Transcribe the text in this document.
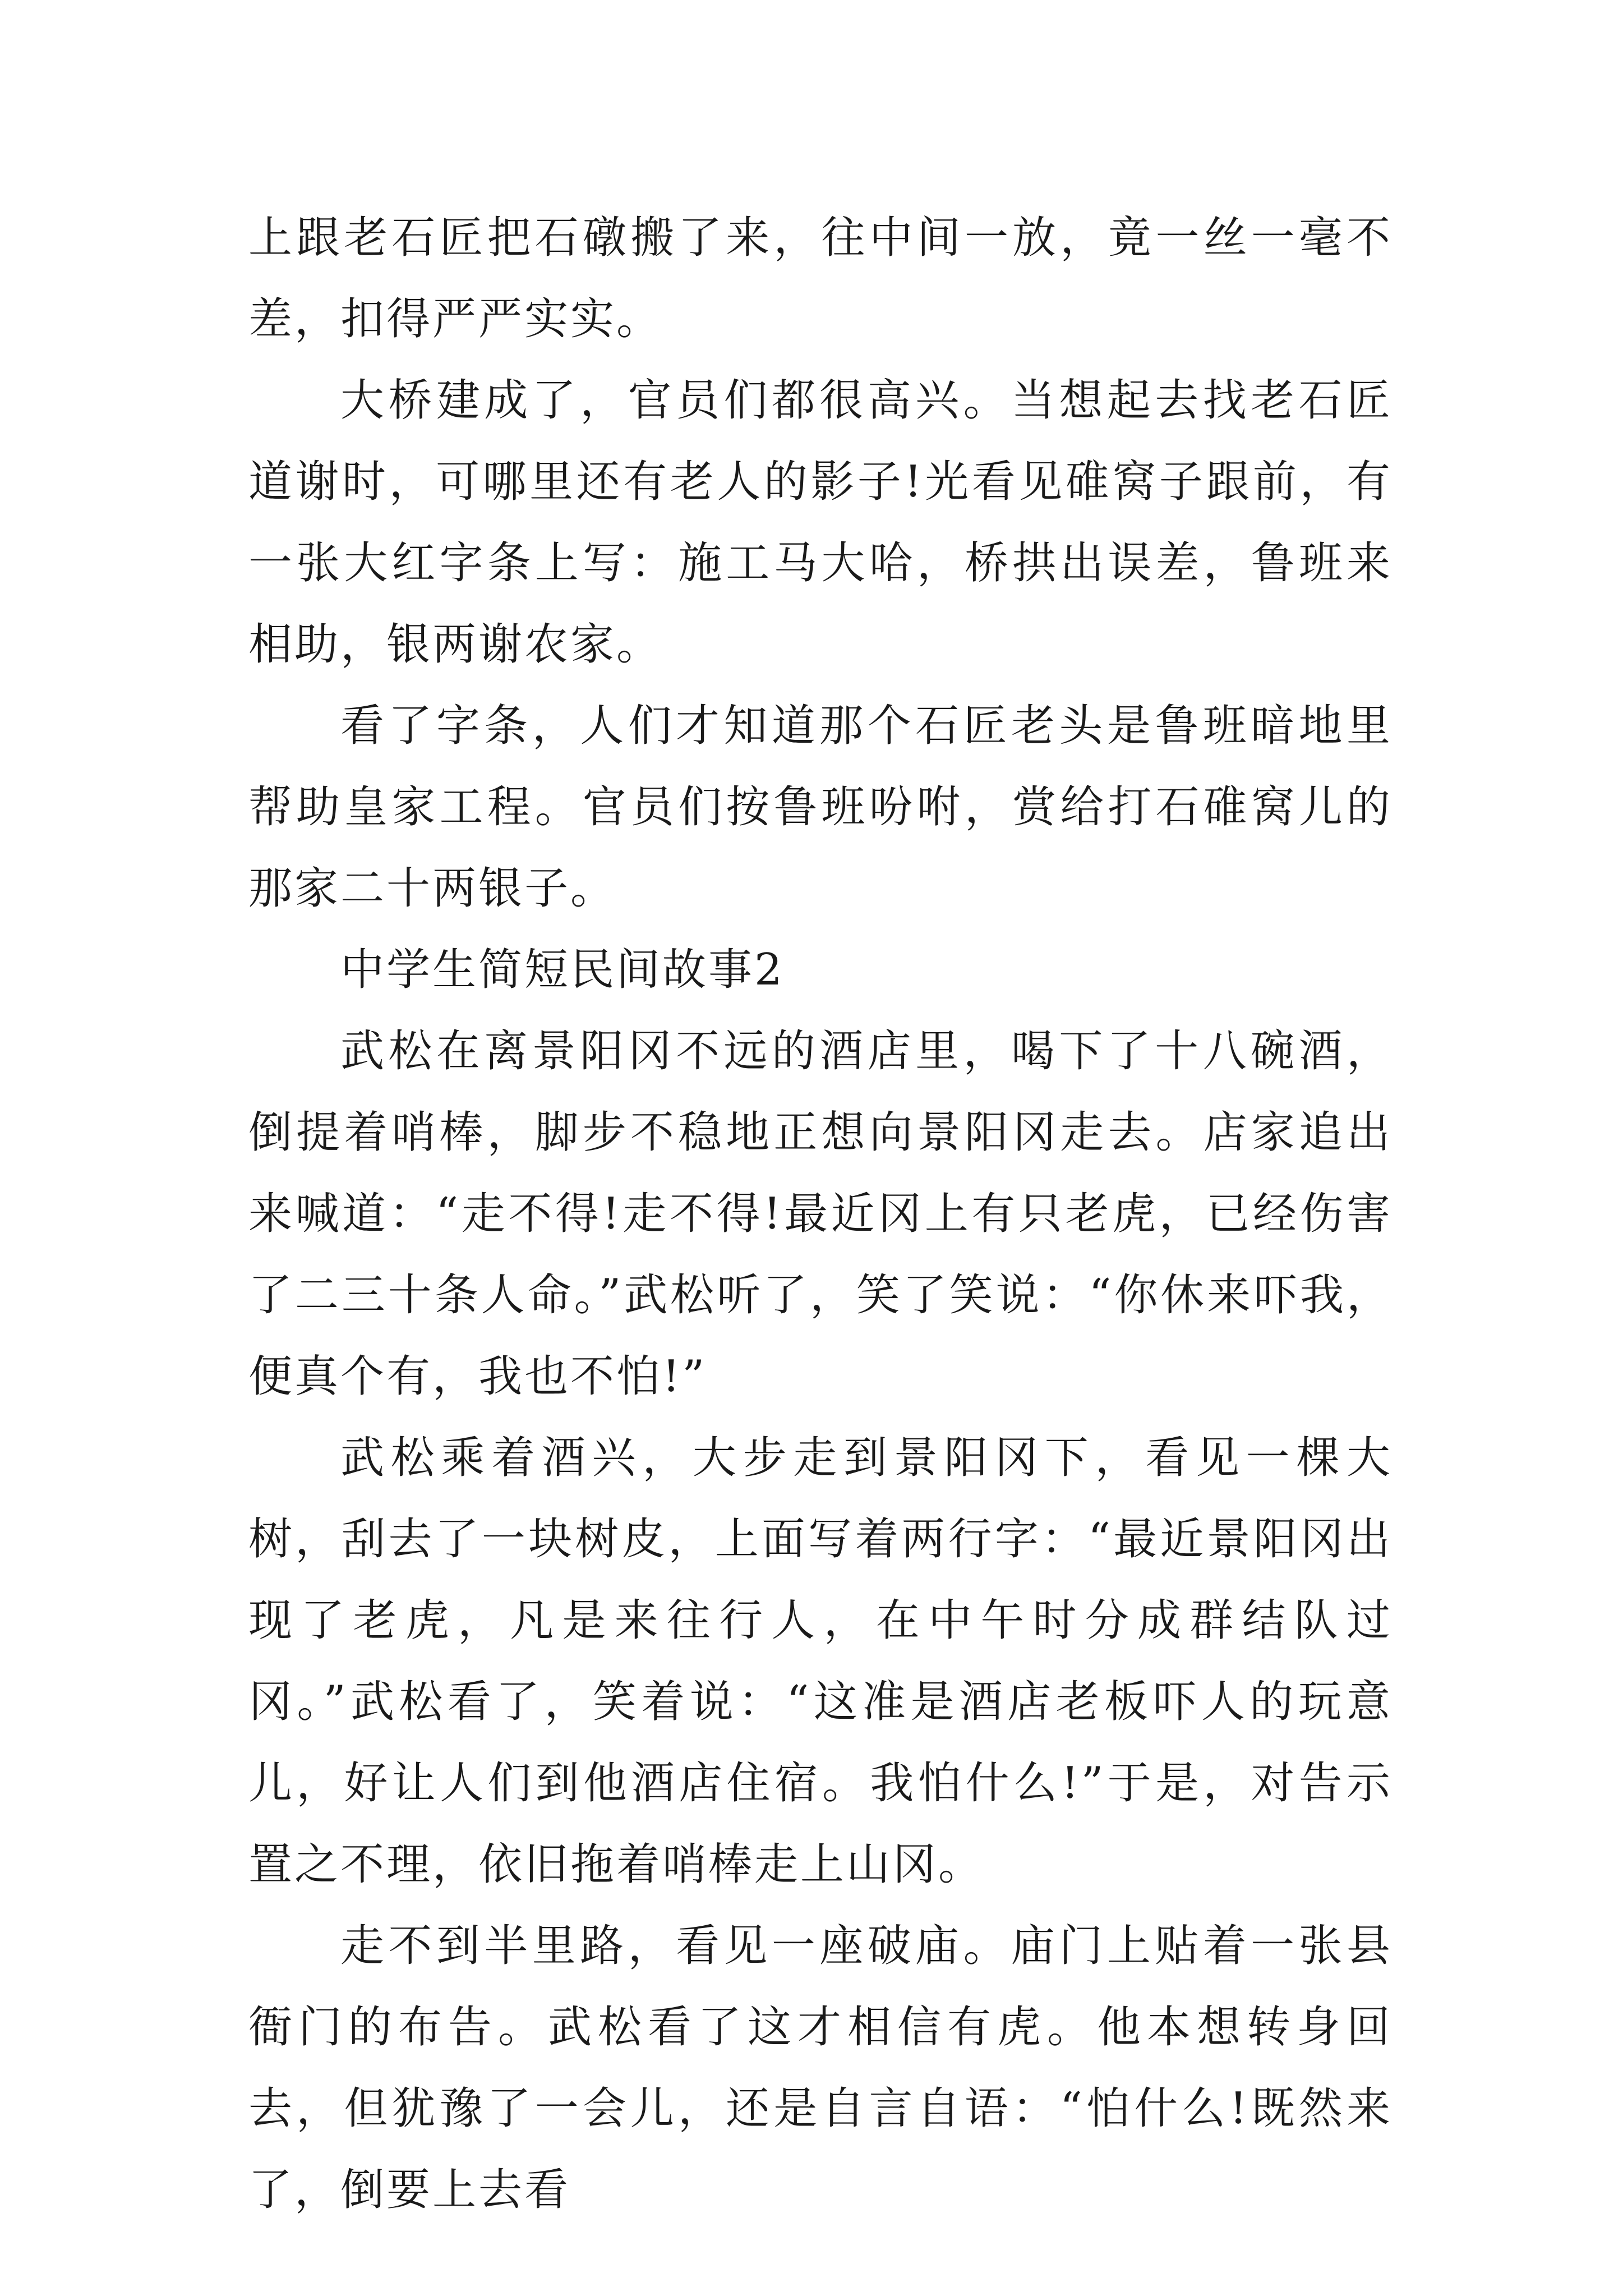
上跟老石匠把石礅搬了来，往中间一放，竟一丝一毫不差，扣得严严实实。

大桥建成了，官员们都很高兴。当想起去找老石匠道谢时，可哪里还有老人的影子!光看见碓窝子跟前，有一张大红字条上写：施工马大哈，桥拱出误差，鲁班来相助，银两谢农家。

看了字条，人们才知道那个石匠老头是鲁班暗地里帮助皇家工程。官员们按鲁班吩咐，赏给打石碓窝儿的那家二十两银子。

中学生简短民间故事2

武松在离景阳冈不远的酒店里，喝下了十八碗酒，倒提着哨棒，脚步不稳地正想向景阳冈走去。店家追出来喊道：“走不得!走不得!最近冈上有只老虎，已经伤害了二三十条人命。”武松听了，笑了笑说：“你休来吓我，便真个有，我也不怕!”

武松乘着酒兴，大步走到景阳冈下，看见一棵大树，刮去了一块树皮，上面写着两行字：“最近景阳冈出现了老虎，凡是来往行人，在中午时分成群结队过冈。”武松看了，笑着说：“这准是酒店老板吓人的玩意儿，好让人们到他酒店住宿。我怕什么!”于是，对告示置之不理，依旧拖着哨棒走上山冈。

走不到半里路，看见一座破庙。庙门上贴着一张县衙门的布告。武松看了这才相信有虎。他本想转身回去，但犹豫了一会儿，还是自言自语：“怕什么!既然来了，倒要上去看
